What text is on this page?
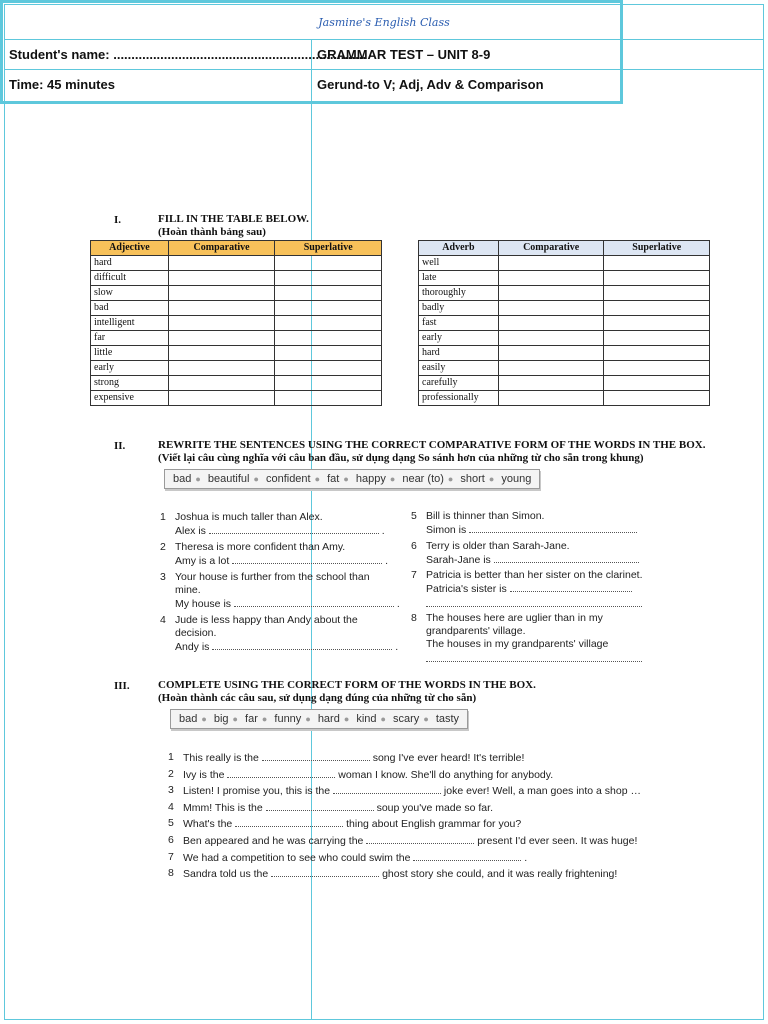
Jasmine's English Class
Student's name: ......................................................................
GRAMMAR TEST – UNIT 8-9
Time: 45 minutes	Gerund-to V; Adj, Adv & Comparison
I.	FILL IN THE TABLE BELOW.
(Hoàn thành bảng sau)
Adjective	Comparative	Superlative
hard		
difficult		
slow		
bad		
intelligent		
far		
little		
early		
strong		
expensive		
Adverb	Comparative	Superlative
well		
late		
thoroughly		
badly		
fast		
early		
hard		
easily		
carefully		
professionally		
II.	REWRITE THE SENTENCES USING THE CORRECT COMPARATIVE FORM OF THE WORDS IN THE BOX.
(Viết lại câu cùng nghĩa với câu ban đầu, sử dụng dạng So sánh hơn của những từ cho sẵn trong khung)
bad ● beautiful ● confident ● fat ● happy ● near (to) ● short ● young
1 Joshua is much taller than Alex.
Alex is	.
2 Theresa is more confident than Amy.
Amy is a lot	.
3 Your house is further from the school than
mine.
My house is	.
4 Jude is less happy than Andy about the
decision.
Andy is	.
5 Bill is thinner than Simon.
Simon is
6 Terry is older than Sarah-Jane.
Sarah-Jane is
7 Patricia is better than her sister on the clarinet.
Patricia's sister is
8 The houses here are uglier than in my
grandparents' village.
The houses in my grandparents' village
III.	COMPLETE USING THE CORRECT FORM OF THE WORDS IN THE BOX.
(Hoàn thành các câu sau, sử dụng dạng đúng của những từ cho sẵn)
bad ● big ● far ● funny ● hard ● kind ● scary ● tasty
1 This really is the	song I've ever heard! It's terrible!
2 Ivy is the	woman I know. She'll do anything for anybody.
3 Listen! I promise you, this is the	joke ever! Well, a man goes into a shop …
4 Mmm! This is the	soup you've made so far.
5 What's the	thing about English grammar for you?
6 Ben appeared and he was carrying the	present I'd ever seen. It was huge!
7 We had a competition to see who could swim the	.
8 Sandra told us the	ghost story she could, and it was really frightening!
